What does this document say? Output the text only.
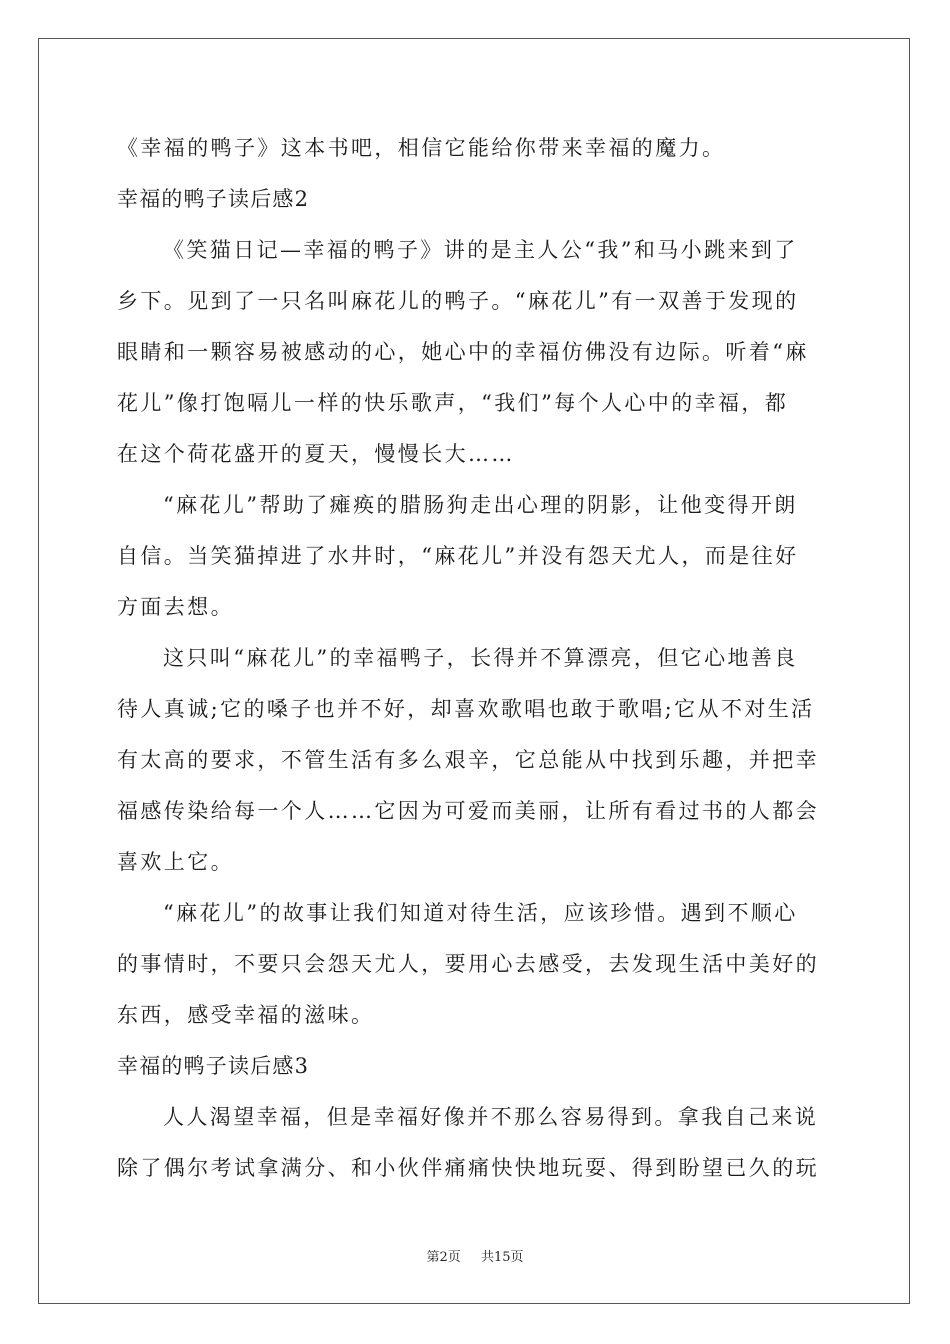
《幸福的鸭子》这本书吧，相信它能给你带来幸福的魔力。
幸福的鸭子读后感2
《笑猫日记—幸福的鸭子》讲的是主人公“我”和马小跳来到了
乡下。见到了一只名叫麻花儿的鸭子。“麻花儿”有一双善于发现的
眼睛和一颗容易被感动的心，她心中的幸福仿佛没有边际。听着“麻
花儿”像打饱嗝儿一样的快乐歌声，“我们”每个人心中的幸福，都
在这个荷花盛开的夏天，慢慢长大……
“麻花儿”帮助了瘫痪的腊肠狗走出心理的阴影，让他变得开朗
自信。当笑猫掉进了水井时，“麻花儿”并没有怨天尤人，而是往好
方面去想。
这只叫“麻花儿”的幸福鸭子，长得并不算漂亮，但它心地善良
待人真诚;它的嗓子也并不好，却喜欢歌唱也敢于歌唱;它从不对生活
有太高的要求，不管生活有多么艰辛，它总能从中找到乐趣，并把幸
福感传染给每一个人……它因为可爱而美丽，让所有看过书的人都会
喜欢上它。
“麻花儿”的故事让我们知道对待生活，应该珍惜。遇到不顺心
的事情时，不要只会怨天尤人，要用心去感受，去发现生活中美好的
东西，感受幸福的滋味。
幸福的鸭子读后感3
人人渴望幸福，但是幸福好像并不那么容易得到。拿我自己来说
除了偶尔考试拿满分、和小伙伴痛痛快快地玩耍、得到盼望已久的玩
第2页 共15页
